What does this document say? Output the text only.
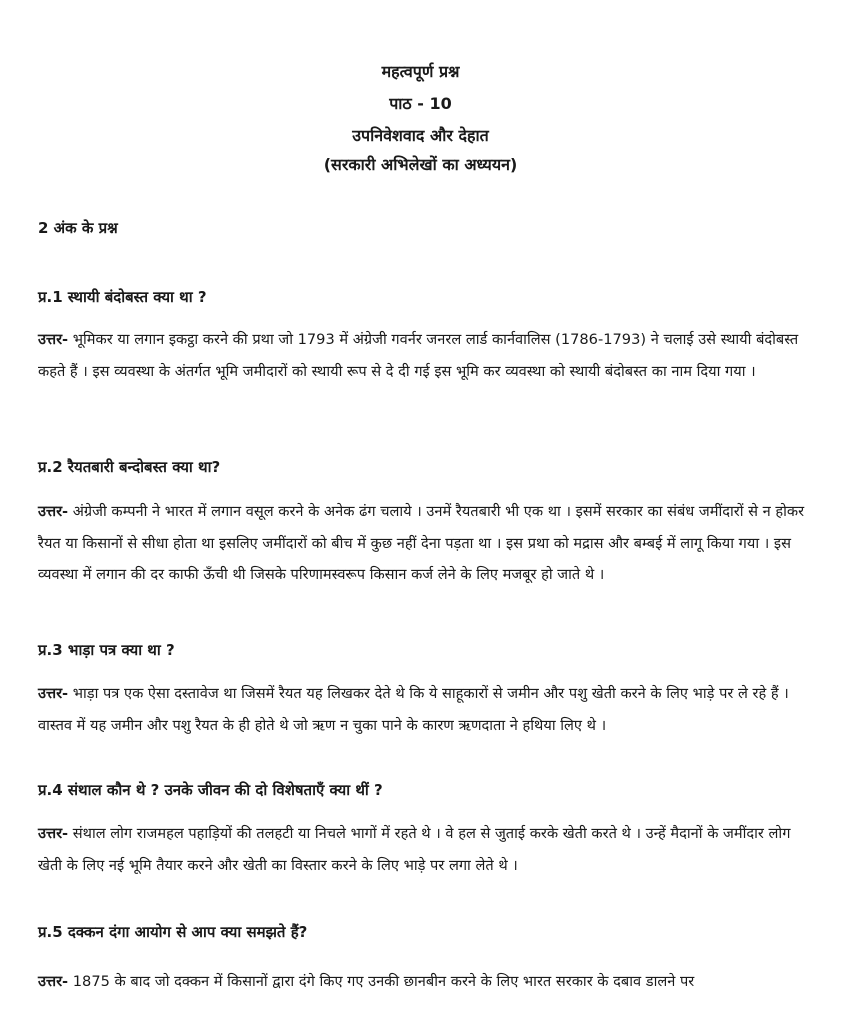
महत्वपूर्ण प्रश्न
पाठ - 10
उपनिवेशवाद और देहात
(सरकारी अभिलेखों का अध्ययन)
2 अंक के प्रश्न
प्र.1 स्थायी बंदोबस्त क्या था ?

उत्तर- भूमिकर या लगान इकट्ठा करने की प्रथा जो 1793 में अंग्रेजी गवर्नर जनरल लार्ड कार्नवालिस (1786-1793) ने चलाई उसे स्थायी बंदोबस्त कहते हैं । इस व्यवस्था के अंतर्गत भूमि जमीदारों को स्थायी रूप से दे दी गई इस भूमि कर व्यवस्था को स्थायी बंदोबस्त का नाम दिया गया ।

प्र.2 रैयतबारी बन्दोबस्त क्या था?

उत्तर- अंग्रेजी कम्पनी ने भारत में लगान वसूल करने के अनेक ढंग चलाये । उनमें रैयतबारी भी एक था । इसमें सरकार का संबंध जमींदारों से न होकर रैयत या किसानों से सीधा होता था इसलिए जमींदारों को बीच में कुछ नहीं देना पड़ता था । इस प्रथा को मद्रास और बम्बई में लागू किया गया । इस व्यवस्था में लगान की दर काफी ऊँची थी जिसके परिणामस्वरूप किसान कर्ज लेने के लिए मजबूर हो जाते थे ।

प्र.3 भाड़ा पत्र क्या था ?

उत्तर- भाड़ा पत्र एक ऐसा दस्तावेज था जिसमें रैयत यह लिखकर देते थे कि ये साहूकारों से जमीन और पशु खेती करने के लिए भाड़े पर ले रहे हैं । वास्तव में यह जमीन और पशु रैयत के ही होते थे जो ऋण न चुका पाने के कारण ऋणदाता ने हथिया लिए थे ।

प्र.4 संथाल कौन थे ? उनके जीवन की दो विशेषताएँ क्या थीं ?

उत्तर- संथाल लोग राजमहल पहाड़ियों की तलहटी या निचले भागों में रहते थे । वे हल से जुताई करके खेती करते थे । उन्हें मैदानों के जमींदार लोग खेती के लिए नई भूमि तैयार करने और खेती का विस्तार करने के लिए भाड़े पर लगा लेते थे ।

प्र.5 दक्कन दंगा आयोग से आप क्या समझते हैं?

उत्तर- 1875 के बाद जो दक्कन में किसानों द्वारा दंगे किए गए उनकी छानबीन करने के लिए भारत सरकार के दबाव डालने पर
